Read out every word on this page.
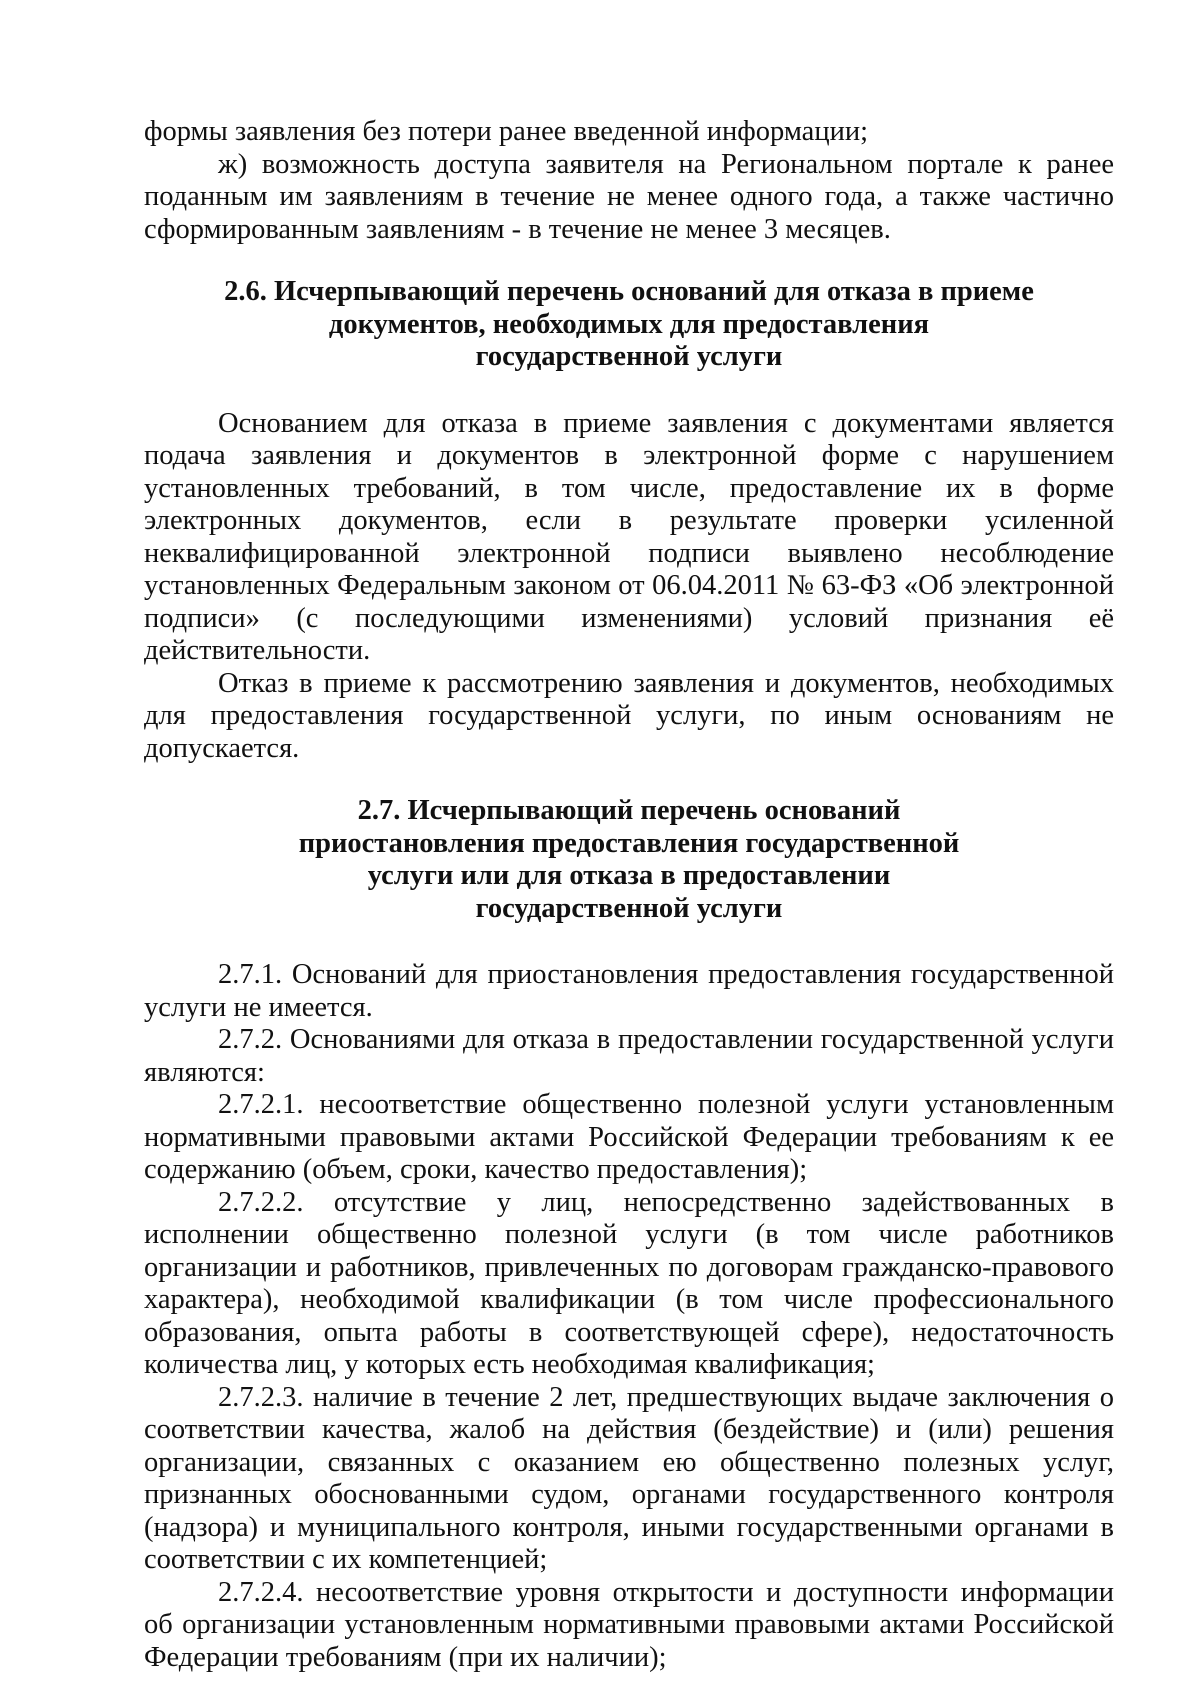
формы заявления без потери ранее введенной информации;

ж) возможность доступа заявителя на Региональном портале к ранее поданным им заявлениям в течение не менее одного года, а также частично сформированным заявлениям - в течение не менее 3 месяцев.

2.6. Исчерпывающий перечень оснований для отказа в приеме документов, необходимых для предоставления государственной услуги

Основанием для отказа в приеме заявления с документами является подача заявления и документов в электронной форме с нарушением установленных требований, в том числе, предоставление их в форме электронных документов, если в результате проверки усиленной неквалифицированной электронной подписи выявлено несоблюдение установленных Федеральным законом от 06.04.2011 № 63-ФЗ «Об электронной подписи» (с последующими изменениями) условий признания её действительности.

Отказ в приеме к рассмотрению заявления и документов, необходимых для предоставления государственной услуги, по иным основаниям не допускается.

2.7. Исчерпывающий перечень оснований приостановления предоставления государственной услуги или для отказа в предоставлении государственной услуги

2.7.1. Оснований для приостановления предоставления государственной услуги не имеется.

2.7.2. Основаниями для отказа в предоставлении государственной услуги являются:

2.7.2.1. несоответствие общественно полезной услуги установленным нормативными правовыми актами Российской Федерации требованиям к ее содержанию (объем, сроки, качество предоставления);

2.7.2.2. отсутствие у лиц, непосредственно задействованных в исполнении общественно полезной услуги (в том числе работников организации и работников, привлеченных по договорам гражданско-правового характера), необходимой квалификации (в том числе профессионального образования, опыта работы в соответствующей сфере), недостаточность количества лиц, у которых есть необходимая квалификация;

2.7.2.3. наличие в течение 2 лет, предшествующих выдаче заключения о соответствии качества, жалоб на действия (бездействие) и (или) решения организации, связанных с оказанием ею общественно полезных услуг, признанных обоснованными судом, органами государственного контроля (надзора) и муниципального контроля, иными государственными органами в соответствии с их компетенцией;

2.7.2.4. несоответствие уровня открытости и доступности информации об организации установленным нормативными правовыми актами Российской Федерации требованиям (при их наличии);
